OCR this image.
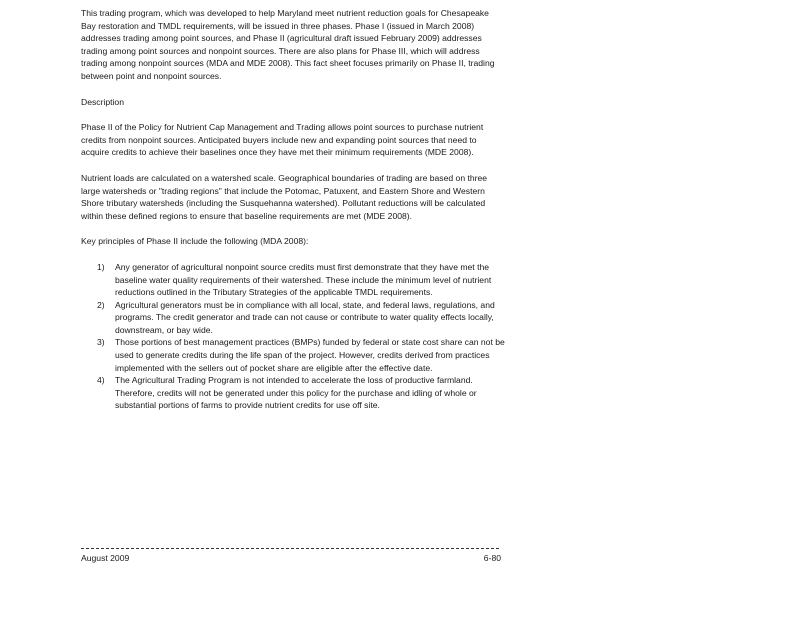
This trading program, which was developed to help Maryland meet nutrient reduction goals for Chesapeake Bay restoration and TMDL requirements, will be issued in three phases. Phase I (issued in March 2008) addresses trading among point sources, and Phase II (agricultural draft issued February 2009) addresses trading among point sources and nonpoint sources. There are also plans for Phase III, which will address trading among nonpoint sources (MDA and MDE 2008). This fact sheet focuses primarily on Phase II, trading between point and nonpoint sources.

Description

Phase II of the Policy for Nutrient Cap Management and Trading allows point sources to purchase nutrient credits from nonpoint sources. Anticipated buyers include new and expanding point sources that need to acquire credits to achieve their baselines once they have met their minimum requirements (MDE 2008).

Nutrient loads are calculated on a watershed scale. Geographical boundaries of trading are based on three large watersheds or "trading regions" that include the Potomac, Patuxent, and Eastern Shore and Western Shore tributary watersheds (including the Susquehanna watershed). Pollutant reductions will be calculated within these defined regions to ensure that baseline requirements are met (MDE 2008).

Key principles of Phase II include the following (MDA 2008):

1) Any generator of agricultural nonpoint source credits must first demonstrate that they have met the baseline water quality requirements of their watershed. These include the minimum level of nutrient reductions outlined in the Tributary Strategies of the applicable TMDL requirements.
2) Agricultural generators must be in compliance with all local, state, and federal laws, regulations, and programs. The credit generator and trade can not cause or contribute to water quality effects locally, downstream, or bay wide.
3) Those portions of best management practices (BMPs) funded by federal or state cost share can not be used to generate credits during the life span of the project. However, credits derived from practices implemented with the sellers out of pocket share are eligible after the effective date.
4) The Agricultural Trading Program is not intended to accelerate the loss of productive farmland. Therefore, credits will not be generated under this policy for the purchase and idling of whole or substantial portions of farms to provide nutrient credits for use off site.
August 2009	6-80
